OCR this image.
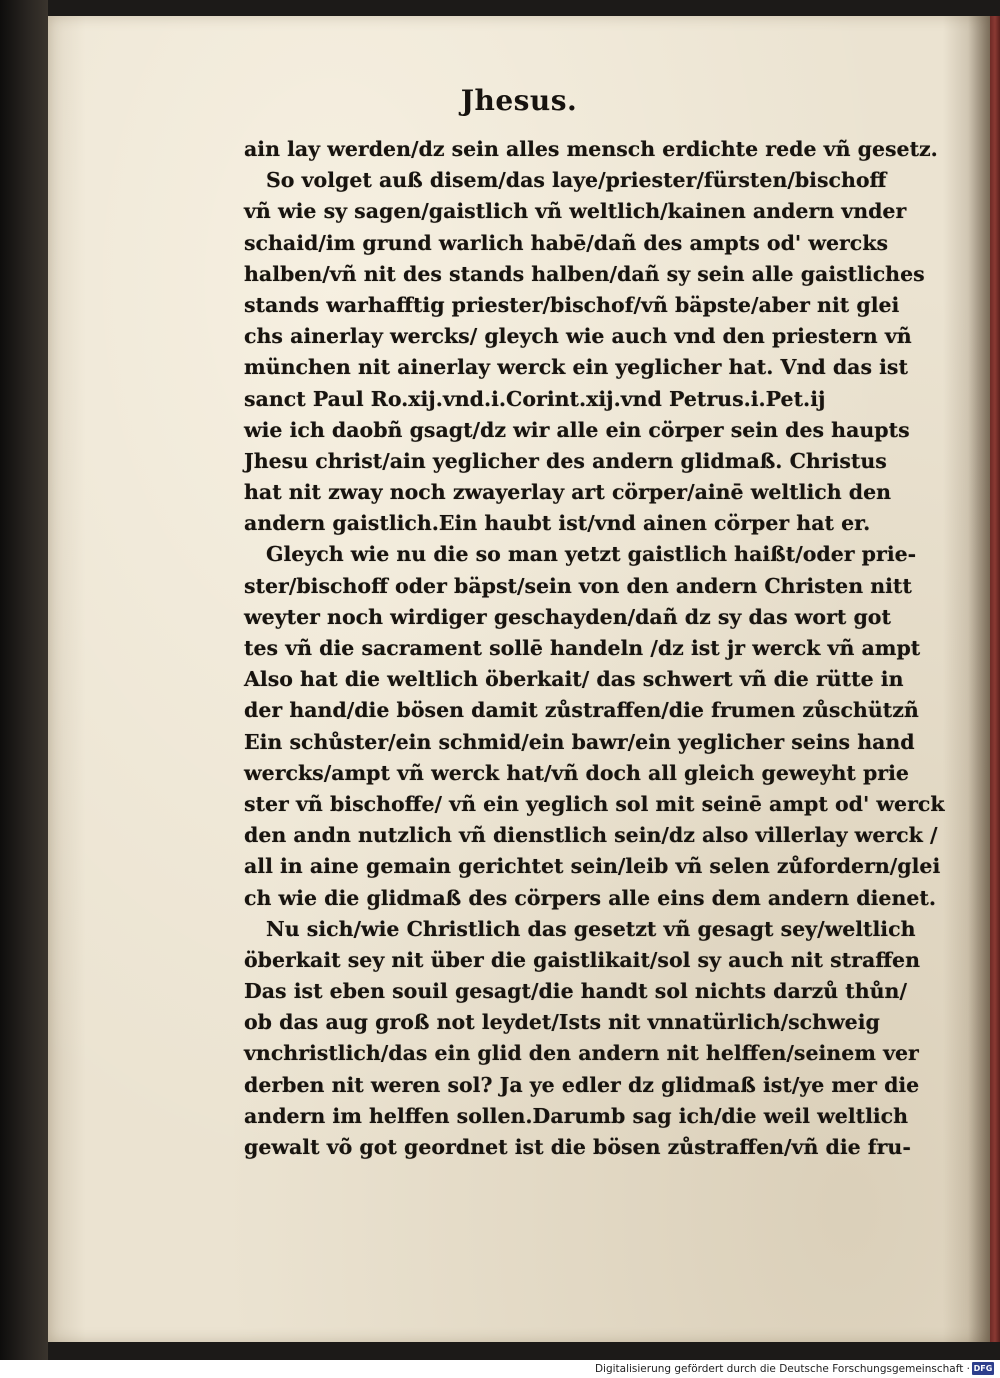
Jhesus.
ain lay werden/dz sein alles mensch erdichte rede vñ gesetz.
So volget auß disem/das laye/priester/fürsten/bischoff
vñ wie sy sagen/gaistlich vñ weltlich/kainen andern vnder
schaid/im grund warlich habē/dañ des ampts od' wercks
halben/vñ nit des stands halben/dañ sy sein alle gaistliches
stands warhafftig priester/bischof/vñ bäpste/aber nit glei
chs ainerlay wercks/ gleych wie auch vnd den priestern vñ
münchen nit ainerlay werck ein yeglicher hat. Vnd das ist
sanct Paul Ro.xij.vnd.i.Corint.xij.vnd Petrus.i.Pet.ij
wie ich daobñ gsagt/dz wir alle ein cörper sein des haupts
Jhesu christ/ain yeglicher des andern glidmaß. Christus
hat nit zway noch zwayerlay art cörper/ainē weltlich den
andern gaistlich.Ein haubt ist/vnd ainen cörper hat er.
Gleych wie nu die so man yetzt gaistlich haißt/oder prie-
ster/bischoff oder bäpst/sein von den andern Christen nitt
weyter noch wirdiger geschayden/dañ dz sy das wort got
tes vñ die sacrament sollē handeln /dz ist jr werck vñ ampt
Also hat die weltlich öberkait/ das schwert vñ die rütte in
der hand/die bösen damit zůstraffen/die frumen zůschützñ
Ein schůster/ein schmid/ein bawr/ein yeglicher seins hand
wercks/ampt vñ werck hat/vñ doch all gleich geweyht prie
ster vñ bischoffe/ vñ ein yeglich sol mit seinē ampt od' werck
den andn nutzlich vñ dienstlich sein/dz also villerlay werck /
all in aine gemain gerichtet sein/leib vñ selen zůfordern/glei
ch wie die glidmaß des cörpers alle eins dem andern dienet.
Nu sich/wie Christlich das gesetzt vñ gesagt sey/weltlich
öberkait sey nit über die gaistlikait/sol sy auch nit straffen
Das ist eben souil gesagt/die handt sol nichts darzů thůn/
ob das aug groß not leydet/Ists nit vnnatürlich/schweig
vnchristlich/das ein glid den andern nit helffen/seinem ver
derben nit weren sol? Ja ye edler dz glidmaß ist/ye mer die
andern im helffen sollen.Darumb sag ich/die weil weltlich
gewalt võ got geordnet ist die bösen zůstraffen/vñ die fru-
Digitalisierung gefördert durch die Deutsche Forschungsgemeinschaft · DFG
